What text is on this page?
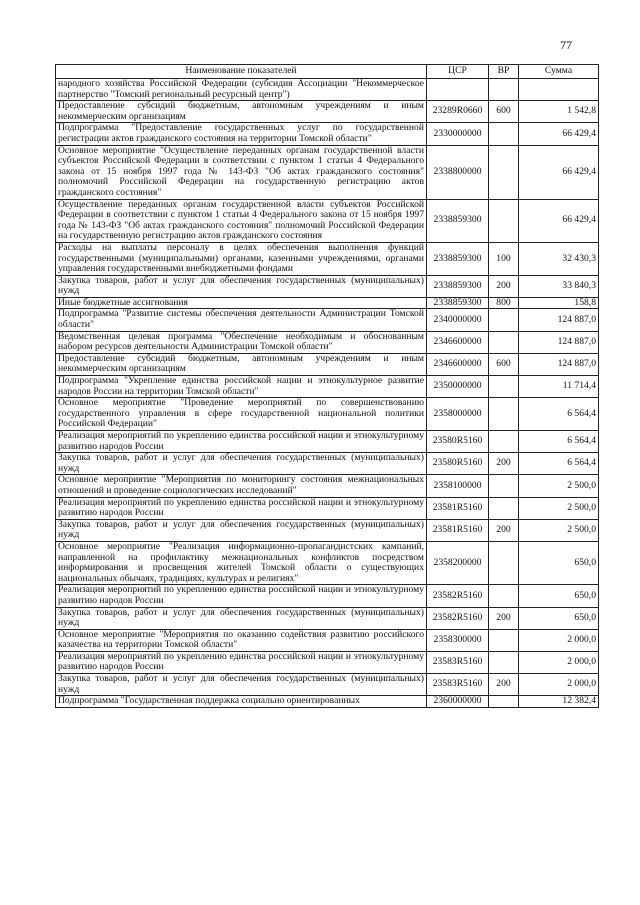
77
Наименование показателей	ЦСР	ВР	Сумма
народного хозяйства Российской Федерации (субсидия Ассоциации "Некоммерческое партнерство "Томский региональный ресурсный центр")			
Предоставление субсидий бюджетным, автономным учреждениям и иным некоммерческим организациям	23289R0660	600	1 542,8
Подпрограмма "Предоставление государственных услуг по государственной регистрации актов гражданского состояния на территории Томской области"	2330000000		66 429,4
Основное мероприятие "Осуществление переданных органам государственной власти субъектов Российской Федерации в соответствии с пунктом 1 статьи 4 Федерального закона от 15 ноября 1997 года № 143-ФЗ "Об актах гражданского состояния" полномочий Российской Федерации на государственную регистрацию актов гражданского состояния"	2338800000		66 429,4
Осуществление переданных органам государственной власти субъектов Российской Федерации в соответствии с пунктом 1 статьи 4 Федерального закона от 15 ноября 1997 года № 143-ФЗ "Об актах гражданского состояния" полномочий Российской Федерации на государственную регистрацию актов гражданского состояния	2338859300		66 429,4
Расходы на выплаты персоналу в целях обеспечения выполнения функций государственными (муниципальными) органами, казенными учреждениями, органами управления государственными внебюджетными фондами	2338859300	100	32 430,3
Закупка товаров, работ и услуг для обеспечения государственных (муниципальных) нужд	2338859300	200	33 840,3
Иные бюджетные ассигнования	2338859300	800	158,8
Подпрограмма "Развитие системы обеспечения деятельности Администрации Томской области"	2340000000		124 887,0
Ведомственная целевая программа "Обеспечение необходимым и обоснованным набором ресурсов деятельности Администрации Томской области"	2346600000		124 887,0
Предоставление субсидий бюджетным, автономным учреждениям и иным некоммерческим организациям	2346600000	600	124 887,0
Подпрограмма "Укрепление единства российской нации и этнокультурное развитие народов России на территории Томской области"	2350000000		11 714,4
Основное мероприятие "Проведение мероприятий по совершенствованию государственного управления в сфере государственной национальной политики Российской Федерации"	2358000000		6 564,4
Реализация мероприятий по укреплению единства российской нации и этнокультурному развитию народов России	23580R5160		6 564,4
Закупка товаров, работ и услуг для обеспечения государственных (муниципальных) нужд	23580R5160	200	6 564,4
Основное мероприятие "Мероприятия по мониторингу состояния межнациональных отношений и проведение социологических исследований"	2358100000		2 500,0
Реализация мероприятий по укреплению единства российской нации и этнокультурному развитию народов России	23581R5160		2 500,0
Закупка товаров, работ и услуг для обеспечения государственных (муниципальных) нужд	23581R5160	200	2 500,0
Основное мероприятие "Реализация информационно-пропагандистских кампаний, направленной на профилактику межнациональных конфликтов посредством информирования и просвещения жителей Томской области о существующих национальных обычаях, традициях, культурах и религиях"	2358200000		650,0
Реализация мероприятий по укреплению единства российской нации и этнокультурному развитию народов России	23582R5160		650,0
Закупка товаров, работ и услуг для обеспечения государственных (муниципальных) нужд	23582R5160	200	650,0
Основное мероприятие "Мероприятия по оказанию содействия развитию российского казачества на территории Томской области"	2358300000		2 000,0
Реализация мероприятий по укреплению единства российской нации и этнокультурному развитию народов России	23583R5160		2 000,0
Закупка товаров, работ и услуг для обеспечения государственных (муниципальных) нужд	23583R5160	200	2 000,0
Подпрограмма "Государственная поддержка социально ориентированных	2360000000		12 382,4
